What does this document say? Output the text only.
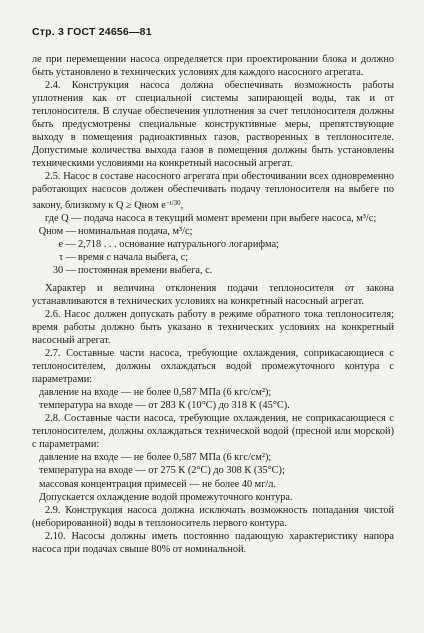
Стр. 3 ГОСТ 24656—81

ле при перемещении насоса определяется при проектировании блока и должно быть установлено в технических условиях для каждого насосного агрегата.

2.4. Конструкция насоса должна обеспечивать возможность работы уплотнения как от специальной системы запирающей воды, так и от теплоносителя. В случае обеспечения уплотнения за счет теплоносителя должны быть предусмотрены специальные конструктивные меры, препятствующие выходу в помещения радиоактивных газов, растворенных в теплоносителе. Допустимые количества выхода газов в помещения должны быть установлены техническими условиями на конкретный насосный агрегат.

2.5. Насос в составе насосного агрегата при обесточивании всех одновременно работающих насосов должен обеспечивать подачу теплоносителя на выбеге по закону, близкому к Q ≥ Qном $e^{-t/30}$,

где Q — подача насоса в текущий момент времени при выбеге насоса, м³/с;

Qном — номинальная подача, м³/с;
e — 2,718 . . . основание натурального логарифма;
τ — время с начала выбега, с;
30 — постоянная времени выбега, с.

Характер и величина отклонения подачи теплоносителя от закона устанавливаются в технических условиях на конкретный насосный агрегат.

2.6. Насос должен допускать работу в режиме обратного тока теплоносителя; время работы должно быть указано в технических условиях на конкретный насосный агрегат.

2.7. Составные части насоса, требующие охлаждения, соприкасающиеся с теплоносителем, должны охлаждаться водой промежуточного контура с параметрами:

давление на входе — не более 0,587 МПа (6 кгс/см²);

температура на входе — от 283 К (10°С) до 318 К (45°С).

2.8. Составные части насоса, требующие охлаждения, не соприкасающиеся с теплоносителем, должны охлаждаться технической водой (пресной или морской) с параметрами:

давление на входе — не более 0,587 МПа (6 кгс/см²);

температура на входе — от 275 К (2°С) до 308 К (35°С);

массовая концентрация примесей — не более 40 мг/л.

Допускается охлаждение водой промежуточного контура.

2.9. Конструкция насоса должна исключать возможность попадания чистой (неборированной) воды в теплоноситель первого контура.

2.10. Насосы должны иметь постоянно падающую характеристику напора насоса при подачах свыше 80% от номинальной.
